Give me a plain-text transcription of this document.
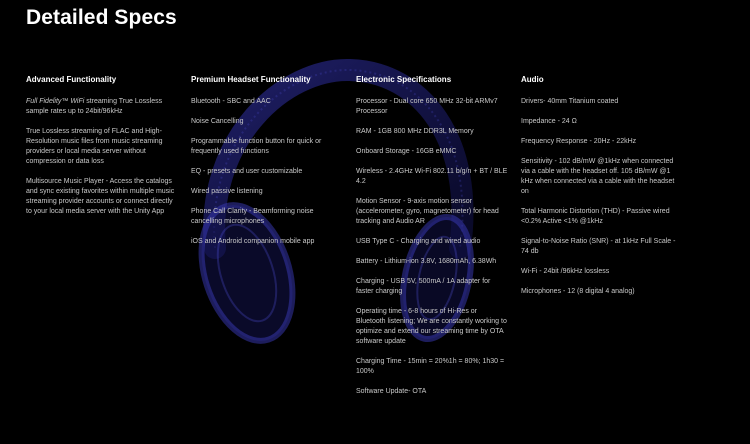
Detailed Specs
Advanced Functionality

Full Fidelity™ WiFi streaming True Lossless sample rates up to 24bit/96kHz

True Lossless streaming of FLAC and High-Resolution music files from music streaming providers or local media server without compression or data loss

Multisource Music Player - Access the catalogs and sync existing favorites within multiple music streaming provider accounts or connect directly to your local media server with the Unity App

Premium Headset Functionality

Bluetooth - SBC and AAC

Noise Cancelling

Programmable function button for quick or frequently used functions

EQ - presets and user customizable

Wired passive listening

Phone Call Clarity - Beamforming noise cancelling microphones

iOS and Android companion mobile app

Electronic Specifications

Processor - Dual core 650 MHz 32-bit ARMv7 Processor

RAM - 1GB 800 MHz DDR3L Memory

Onboard Storage - 16GB eMMC

Wireless - 2.4GHz Wi-Fi 802.11 b/g/n + BT / BLE 4.2

Motion Sensor - 9-axis motion sensor (accelerometer, gyro, magnetometer) for head tracking and Audio AR

USB Type C - Charging and wired audio

Battery - Lithium-ion 3.8V, 1680mAh, 6.38Wh

Charging - USB 5V, 500mA / 1A adapter for faster charging

Operating time - 6-8 hours of Hi-Res or Bluetooth listening; We are constantly working to optimize and extend our streaming time by OTA software update

Charging Time - 15min = 20%1h = 80%; 1h30 = 100%

Software Update- OTA

Audio

Drivers- 40mm Titanium coated

Impedance - 24 Ω

Frequency Response - 20Hz - 22kHz

Sensitivity - 102 dB/mW @1kHz when connected via a cable with the headset off. 105 dB/mW @1 kHz when connected via a cable with the headset on

Total Harmonic Distortion (THD) - Passive wired <0.2% Active <1% @1kHz

Signal-to-Noise Ratio (SNR) - at 1kHz Full Scale - 74 db

Wi-Fi - 24bit /96kHz lossless

Microphones - 12 (8 digital 4 analog)
